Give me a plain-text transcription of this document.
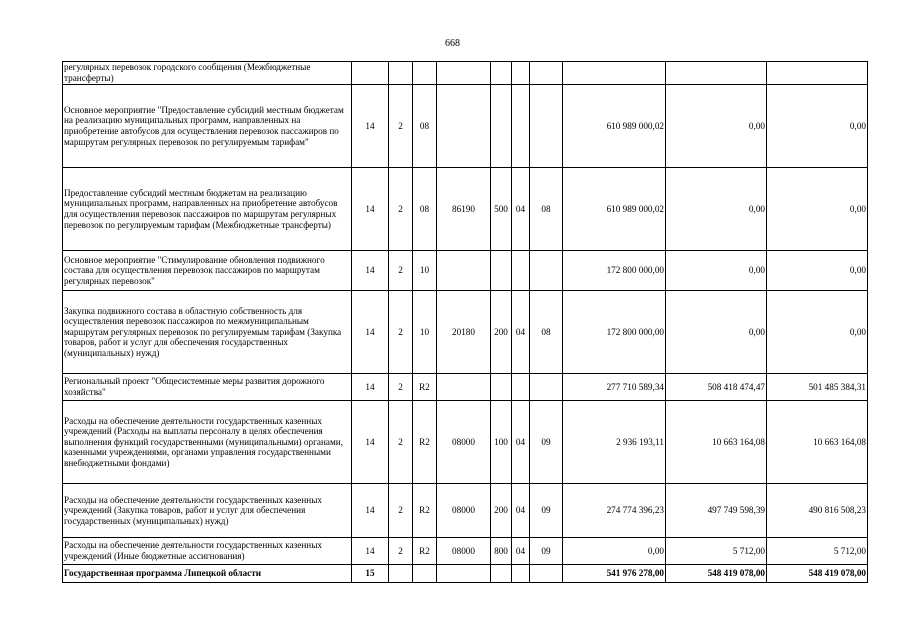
668
регулярных перевозок городского сообщения (Межбюджетные трансферты)										
Основное мероприятие "Предоставление субсидий местным бюджетам на реализацию муниципальных программ, направленных на приобретение автобусов для осуществления перевозок пассажиров по маршрутам регулярных перевозок по регулируемым тарифам"	14	2	08					610 989 000,02	0,00	0,00
Предоставление субсидий местным бюджетам на реализацию муниципальных программ, направленных на приобретение автобусов для осуществления перевозок пассажиров по маршрутам регулярных перевозок по регулируемым тарифам (Межбюджетные трансферты)	14	2	08	86190	500	04	08	610 989 000,02	0,00	0,00
Основное мероприятие "Стимулирование обновления подвижного состава для осуществления перевозок пассажиров по маршрутам регулярных перевозок"	14	2	10					172 800 000,00	0,00	0,00
Закупка подвижного состава в областную собственность для осуществления перевозок пассажиров по межмуниципальным маршрутам регулярных перевозок по регулируемым тарифам (Закупка товаров, работ и услуг для обеспечения государственных (муниципальных) нужд)	14	2	10	20180	200	04	08	172 800 000,00	0,00	0,00
Региональный проект "Общесистемные меры развития дорожного хозяйства"	14	2	R2					277 710 589,34	508 418 474,47	501 485 384,31
Расходы на обеспечение деятельности государственных казенных учреждений (Расходы на выплаты персоналу в целях обеспечения выполнения функций государственными (муниципальными) органами, казенными учреждениями, органами управления государственными внебюджетными фондами)	14	2	R2	08000	100	04	09	2 936 193,11	10 663 164,08	10 663 164,08
Расходы на обеспечение деятельности государственных казенных учреждений (Закупка товаров, работ и услуг для обеспечения государственных (муниципальных) нужд)	14	2	R2	08000	200	04	09	274 774 396,23	497 749 598,39	490 816 508,23
Расходы на обеспечение деятельности государственных казенных учреждений (Иные бюджетные ассигнования)	14	2	R2	08000	800	04	09	0,00	5 712,00	5 712,00
Государственная программа Липецкой области	15							541 976 278,00	548 419 078,00	548 419 078,00
